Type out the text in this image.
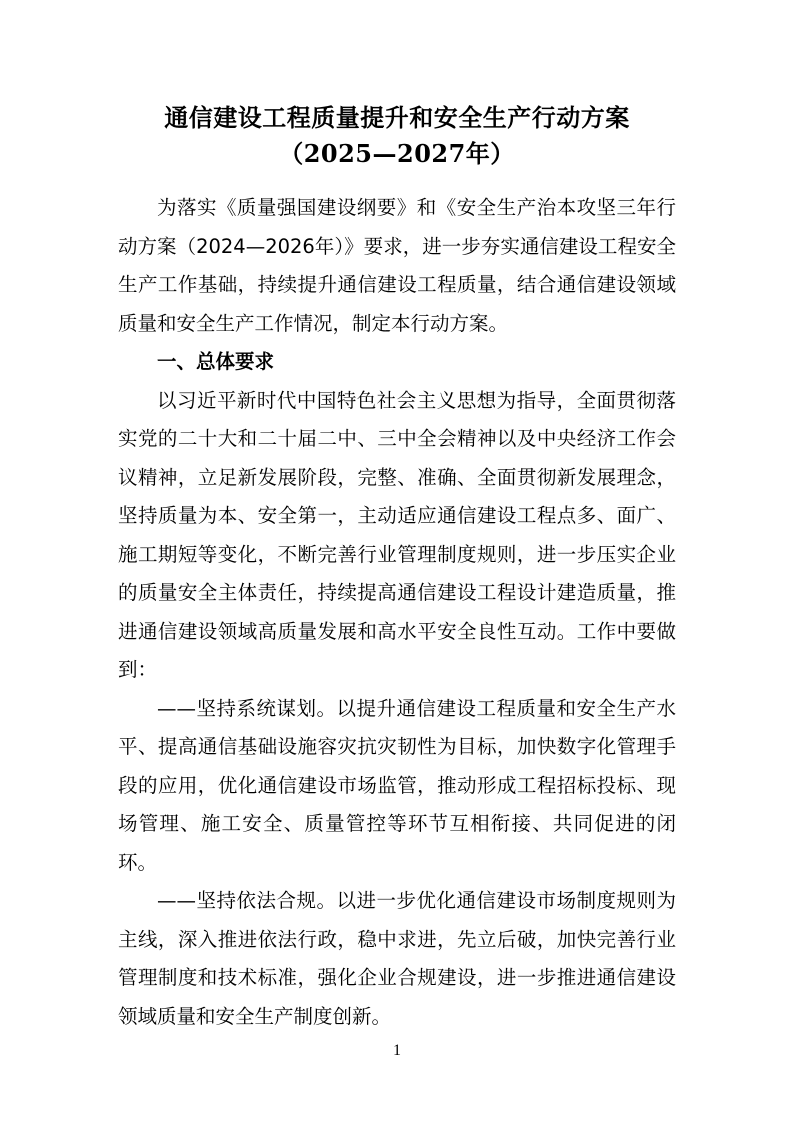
通信建设工程质量提升和安全生产行动方案
（2025—2027年）

为落实《质量强国建设纲要》和《安全生产治本攻坚三年行动方案（2024—2026年）》要求，进一步夯实通信建设工程安全生产工作基础，持续提升通信建设工程质量，结合通信建设领域质量和安全生产工作情况，制定本行动方案。

一、总体要求

以习近平新时代中国特色社会主义思想为指导，全面贯彻落实党的二十大和二十届二中、三中全会精神以及中央经济工作会议精神，立足新发展阶段，完整、准确、全面贯彻新发展理念，坚持质量为本、安全第一，主动适应通信建设工程点多、面广、施工期短等变化，不断完善行业管理制度规则，进一步压实企业的质量安全主体责任，持续提高通信建设工程设计建造质量，推进通信建设领域高质量发展和高水平安全良性互动。工作中要做到：

——坚持系统谋划。以提升通信建设工程质量和安全生产水平、提高通信基础设施容灾抗灾韧性为目标，加快数字化管理手段的应用，优化通信建设市场监管，推动形成工程招标投标、现场管理、施工安全、质量管控等环节互相衔接、共同促进的闭环。

——坚持依法合规。以进一步优化通信建设市场制度规则为主线，深入推进依法行政，稳中求进，先立后破，加快完善行业管理制度和技术标准，强化企业合规建设，进一步推进通信建设领域质量和安全生产制度创新。

1
